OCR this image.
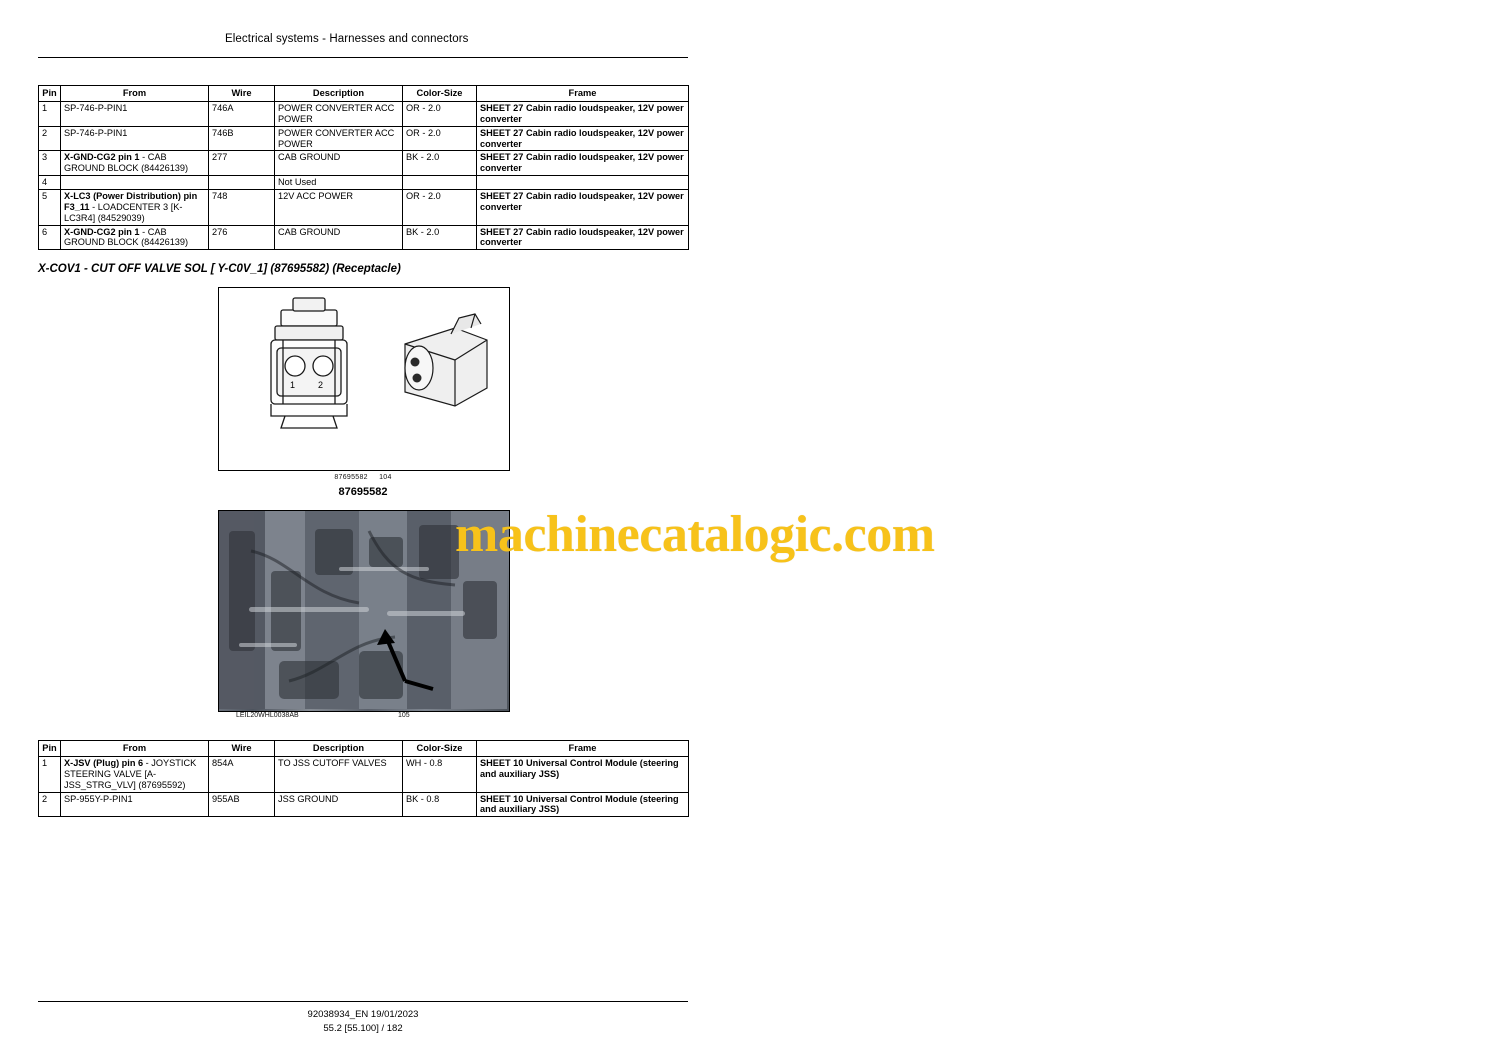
Electrical systems - Harnesses and connectors
Pin	From	Wire	Description	Color-Size	Frame
1	SP-746-P-PIN1	746A	POWER CONVERTER ACC POWER	OR - 2.0	SHEET 27 Cabin radio loudspeaker, 12V power converter
2	SP-746-P-PIN1	746B	POWER CONVERTER ACC POWER	OR - 2.0	SHEET 27 Cabin radio loudspeaker, 12V power converter
3	X-GND-CG2 pin 1 - CAB GROUND BLOCK (84426139)	277	CAB GROUND	BK - 2.0	SHEET 27 Cabin radio loudspeaker, 12V power converter
4			Not Used		
5	X-LC3 (Power Distribution) pin F3_11 - LOADCENTER 3 [K-LC3R4] (84529039)	748	12V ACC POWER	OR - 2.0	SHEET 27 Cabin radio loudspeaker, 12V power converter
6	X-GND-CG2 pin 1 - CAB GROUND BLOCK (84426139)	276	CAB GROUND	BK - 2.0	SHEET 27 Cabin radio loudspeaker, 12V power converter
X-COV1 - CUT OFF VALVE SOL [ Y-C0V_1] (87695582) (Receptacle)
1	2
87695582 104
87695582
LEIL20WHL0038AB	105
machinecatalogic.com
Pin	From	Wire	Description	Color-Size	Frame
1	X-JSV (Plug) pin 6 - JOYSTICK STEERING VALVE [A-JSS_STRG_VLV] (87695592)	854A	TO JSS CUTOFF VALVES	WH - 0.8	SHEET 10 Universal Control Module (steering and auxiliary JSS)
2	SP-955Y-P-PIN1	955AB	JSS GROUND	BK - 0.8	SHEET 10 Universal Control Module (steering and auxiliary JSS)
92038934_EN 19/01/2023
55.2 [55.100] / 182
